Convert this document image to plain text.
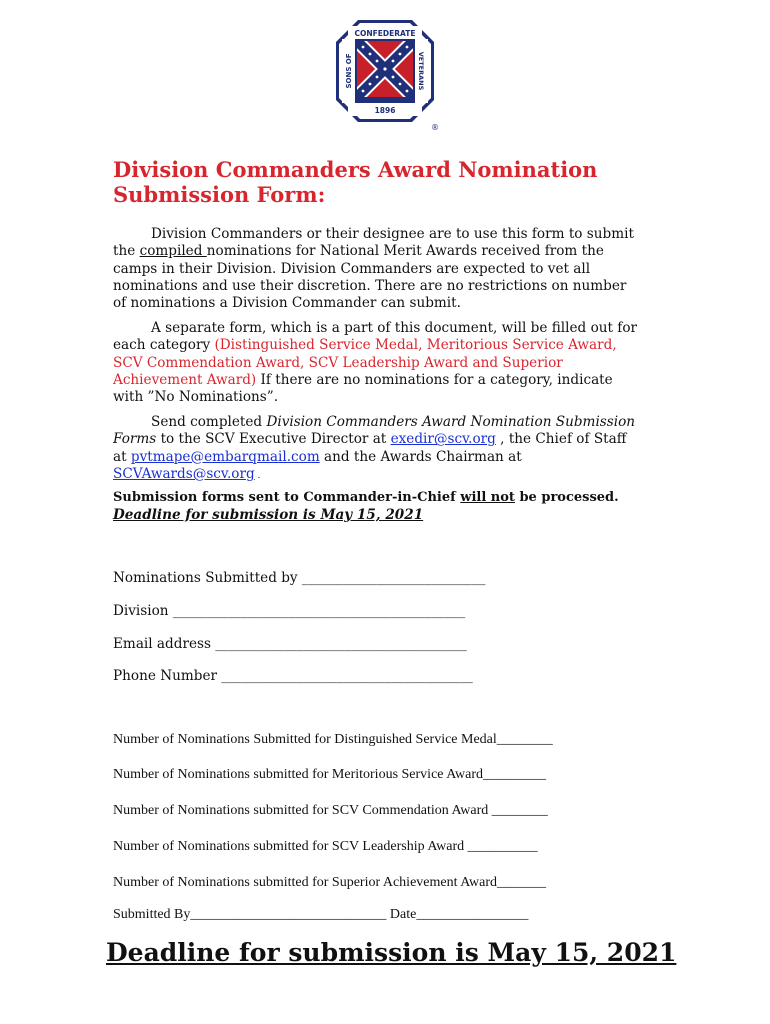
CONFEDERATE
1896
SONS OF	VETERANS
®
Division Commanders Award Nomination Submission Form:

Division Commanders or their designee are to use this form to submit the compiled nominations for National Merit Awards received from the camps in their Division. Division Commanders are expected to vet all nominations and use their discretion. There are no restrictions on number of nominations a Division Commander can submit.

A separate form, which is a part of this document, will be filled out for each category (Distinguished Service Medal, Meritorious Service Award, SCV Commendation Award, SCV Leadership Award and Superior Achievement Award) If there are no nominations for a category, indicate with ”No Nominations”.

Send completed Division Commanders Award Nomination Submission Forms to the SCV Executive Director at exedir@scv.org , the Chief of Staff at pvtmape@embarqmail.com and the Awards Chairman at SCVAwards@scv.org .

Submission forms sent to Commander-in-Chief will not be processed.

Deadline for submission is May 15, 2021

Nominations Submitted by ___________________________
Division ___________________________________________
Email address _____________________________________
Phone Number _____________________________________
Number of Nominations Submitted for Distinguished Service Medal________
Number of Nominations submitted for Meritorious Service Award_________
Number of Nominations submitted for SCV Commendation Award ________
Number of Nominations submitted for SCV Leadership Award __________
Number of Nominations submitted for Superior Achievement Award_______
Submitted By____________________________ Date________________

Deadline for submission is May 15, 2021
